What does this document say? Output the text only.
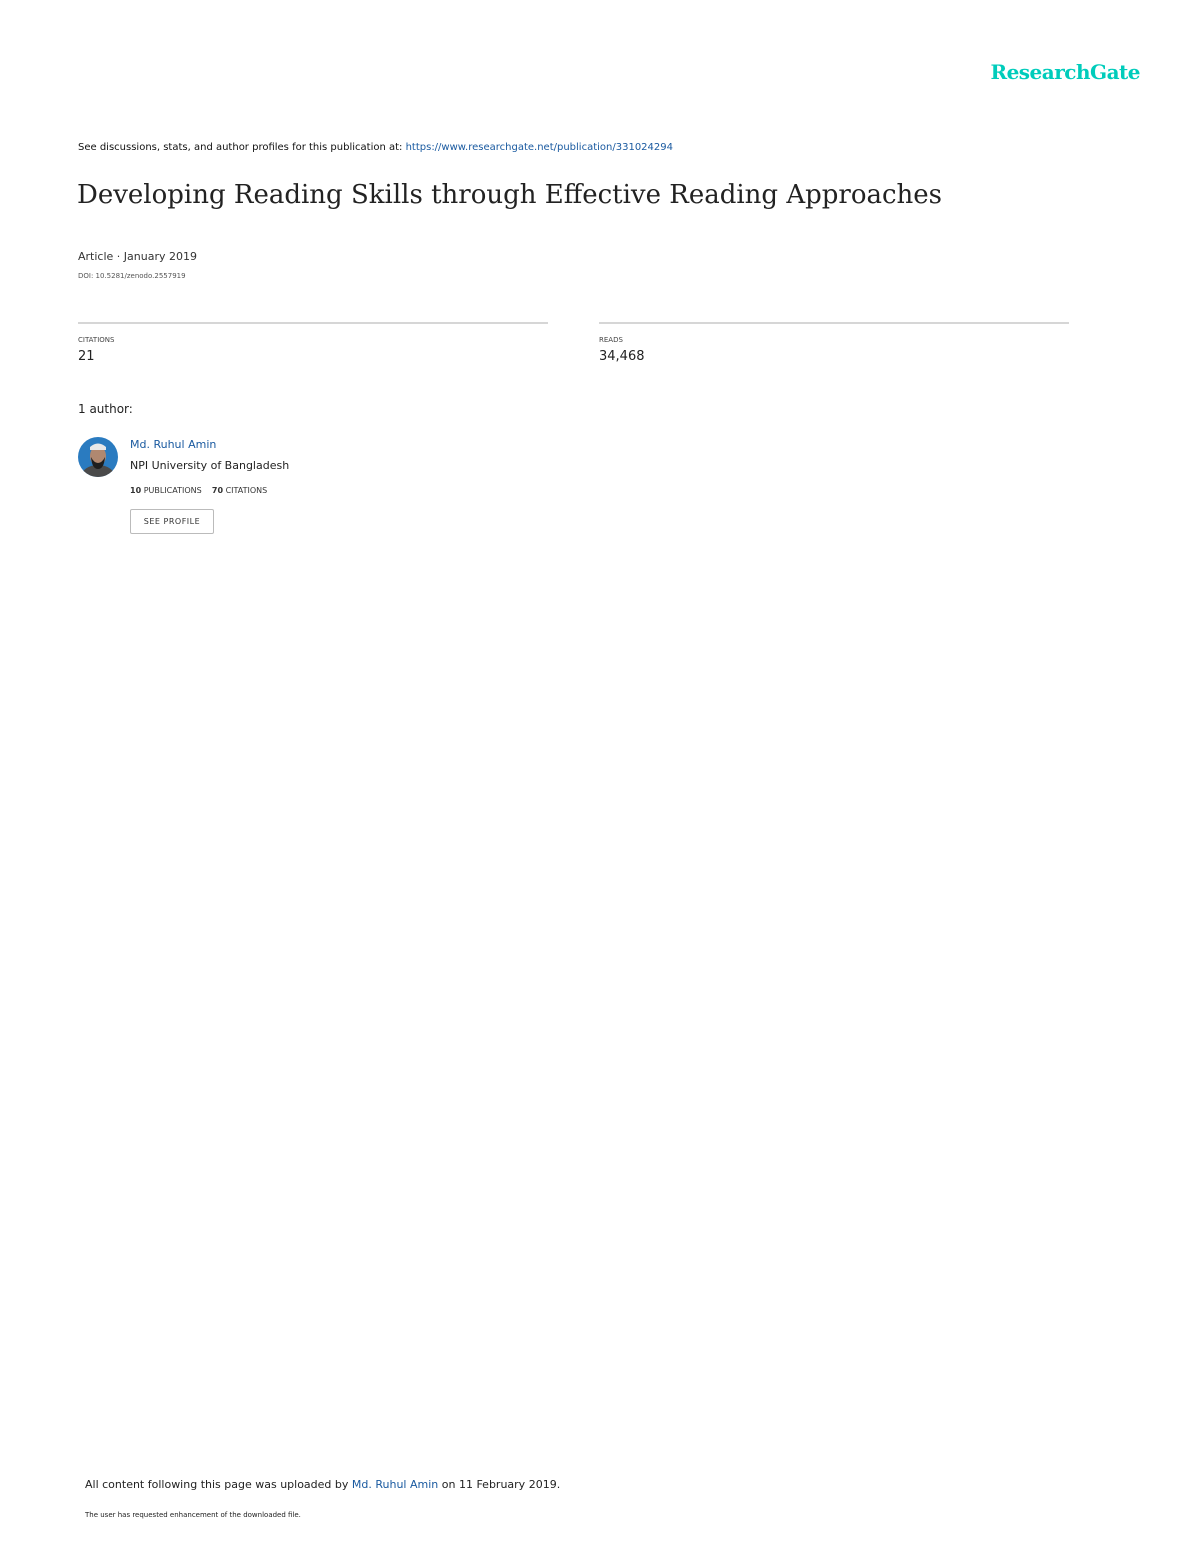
ResearchGate
See discussions, stats, and author profiles for this publication at: https://www.researchgate.net/publication/331024294
Developing Reading Skills through Effective Reading Approaches
Article · January 2019
DOI: 10.5281/zenodo.2557919
CITATIONS
21
READS
34,468
1 author:
Md. Ruhul Amin
NPI University of Bangladesh
10 PUBLICATIONS 70 CITATIONS
SEE PROFILE
All content following this page was uploaded by Md. Ruhul Amin on 11 February 2019.
The user has requested enhancement of the downloaded file.
